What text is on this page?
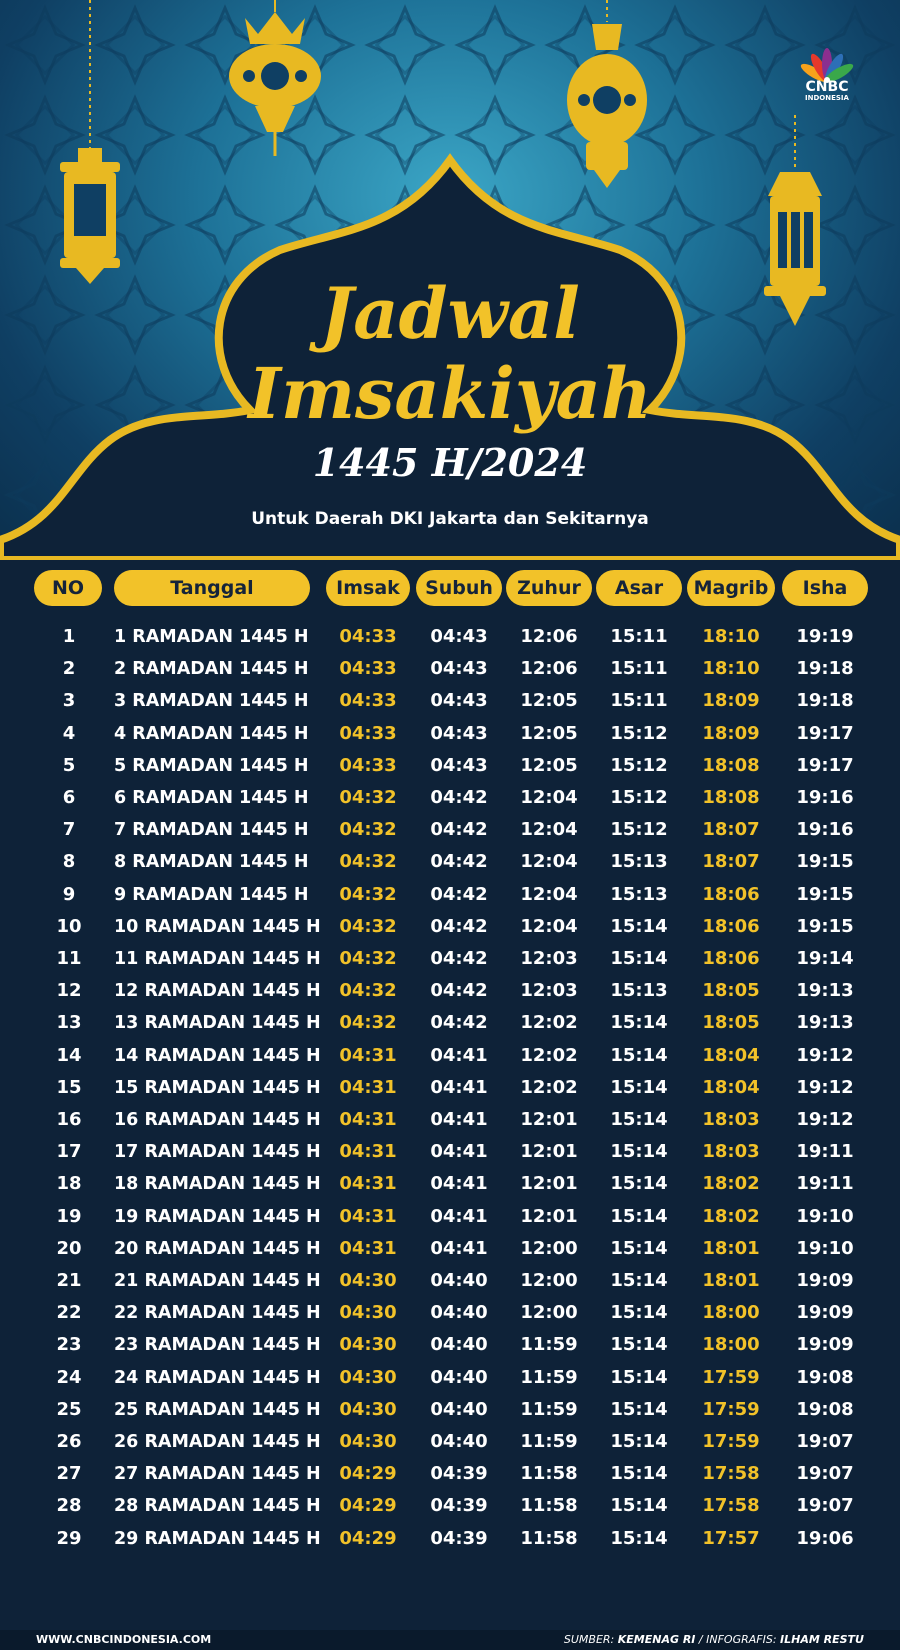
CNBC
INDONESIA
Jadwal
Imsakiyah
1445 H/2024
Untuk Daerah DKI Jakarta dan Sekitarnya
NO	Tanggal	Imsak	Subuh	Zuhur	Asar	Magrib	Isha
1	1 RAMADAN 1445 H	04:33	04:43	12:06	15:11	18:10	19:19
2	2 RAMADAN 1445 H	04:33	04:43	12:06	15:11	18:10	19:18
3	3 RAMADAN 1445 H	04:33	04:43	12:05	15:11	18:09	19:18
4	4 RAMADAN 1445 H	04:33	04:43	12:05	15:12	18:09	19:17
5	5 RAMADAN 1445 H	04:33	04:43	12:05	15:12	18:08	19:17
6	6 RAMADAN 1445 H	04:32	04:42	12:04	15:12	18:08	19:16
7	7 RAMADAN 1445 H	04:32	04:42	12:04	15:12	18:07	19:16
8	8 RAMADAN 1445 H	04:32	04:42	12:04	15:13	18:07	19:15
9	9 RAMADAN 1445 H	04:32	04:42	12:04	15:13	18:06	19:15
10	10 RAMADAN 1445 H	04:32	04:42	12:04	15:14	18:06	19:15
11	11 RAMADAN 1445 H	04:32	04:42	12:03	15:14	18:06	19:14
12	12 RAMADAN 1445 H	04:32	04:42	12:03	15:13	18:05	19:13
13	13 RAMADAN 1445 H	04:32	04:42	12:02	15:14	18:05	19:13
14	14 RAMADAN 1445 H	04:31	04:41	12:02	15:14	18:04	19:12
15	15 RAMADAN 1445 H	04:31	04:41	12:02	15:14	18:04	19:12
16	16 RAMADAN 1445 H	04:31	04:41	12:01	15:14	18:03	19:12
17	17 RAMADAN 1445 H	04:31	04:41	12:01	15:14	18:03	19:11
18	18 RAMADAN 1445 H	04:31	04:41	12:01	15:14	18:02	19:11
19	19 RAMADAN 1445 H	04:31	04:41	12:01	15:14	18:02	19:10
20	20 RAMADAN 1445 H	04:31	04:41	12:00	15:14	18:01	19:10
21	21 RAMADAN 1445 H	04:30	04:40	12:00	15:14	18:01	19:09
22	22 RAMADAN 1445 H	04:30	04:40	12:00	15:14	18:00	19:09
23	23 RAMADAN 1445 H	04:30	04:40	11:59	15:14	18:00	19:09
24	24 RAMADAN 1445 H	04:30	04:40	11:59	15:14	17:59	19:08
25	25 RAMADAN 1445 H	04:30	04:40	11:59	15:14	17:59	19:08
26	26 RAMADAN 1445 H	04:30	04:40	11:59	15:14	17:59	19:07
27	27 RAMADAN 1445 H	04:29	04:39	11:58	15:14	17:58	19:07
28	28 RAMADAN 1445 H	04:29	04:39	11:58	15:14	17:58	19:07
29	29 RAMADAN 1445 H	04:29	04:39	11:58	15:14	17:57	19:06
WWW.CNBCINDONESIA.COM	SUMBER: KEMENAG RI / INFOGRAFIS: ILHAM RESTU
